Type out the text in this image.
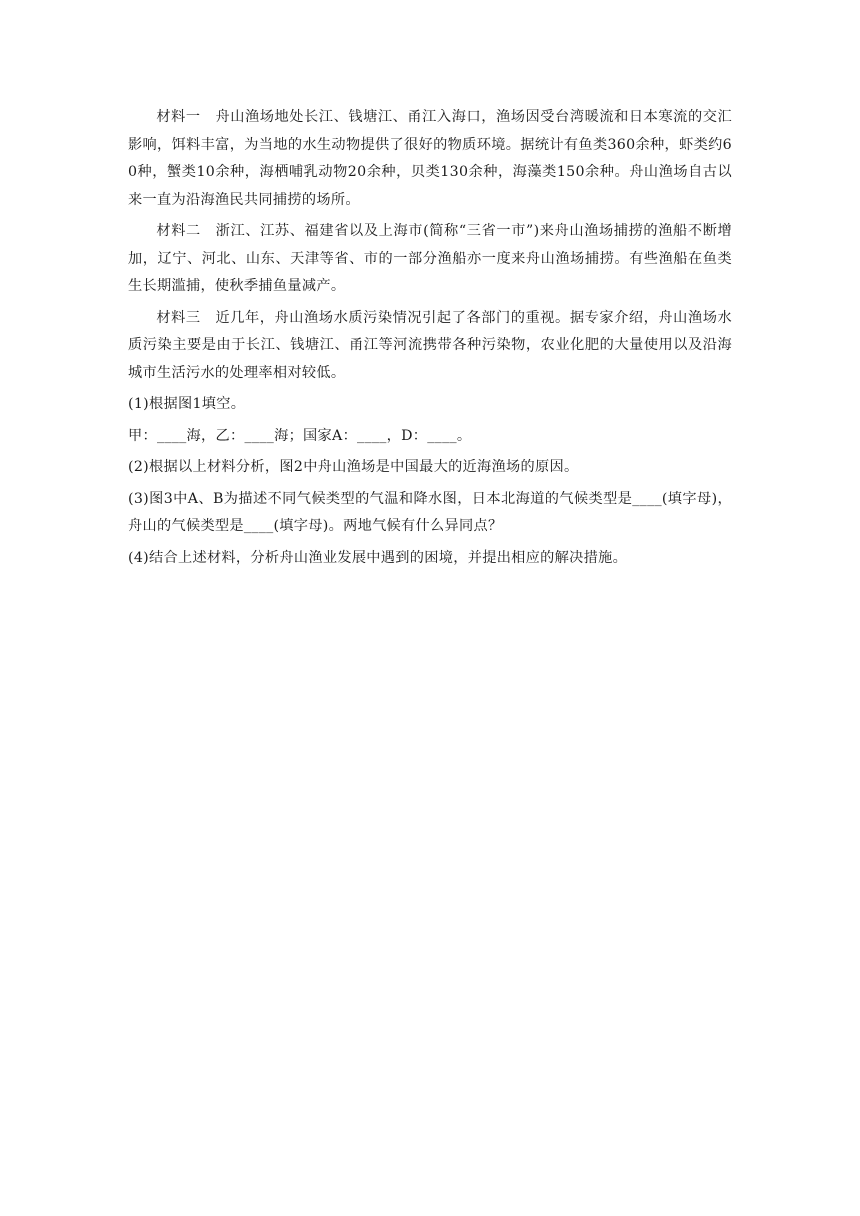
材料一　 舟山渔场地处长江、钱塘江、甬江入海口，渔场因受台湾暖流和日本寒流的交汇影响，饵料丰富，为当地的水生动物提供了很好的物质环境。据统计有鱼类360余种，虾类约60种，蟹类10余种，海栖哺乳动物20余种，贝类130余种，海藻类150余种。舟山渔场自古以来一直为沿海渔民共同捕捞的场所。

材料二　 浙江、江苏、福建省以及上海市(简称“三省一市”)来舟山渔场捕捞的渔船不断增加，辽宁、河北、山东、天津等省、市的一部分渔船亦一度来舟山渔场捕捞。有些渔船在鱼类生长期滥捕，使秋季捕鱼量减产。

材料三　 近几年，舟山渔场水质污染情况引起了各部门的重视。据专家介绍，舟山渔场水质污染主要是由于长江、钱塘江、甬江等河流携带各种污染物，农业化肥的大量使用以及沿海城市生活污水的处理率相对较低。

(1)根据图1填空。

甲：____海，乙：____海；国家A：____，D：____。

(2)根据以上材料分析，图2中舟山渔场是中国最大的近海渔场的原因。

(3)图3中A、B为描述不同气候类型的气温和降水图，日本北海道的气候类型是____(填字母)，舟山的气候类型是____(填字母)。两地气候有什么异同点？

(4)结合上述材料，分析舟山渔业发展中遇到的困境，并提出相应的解决措施。
